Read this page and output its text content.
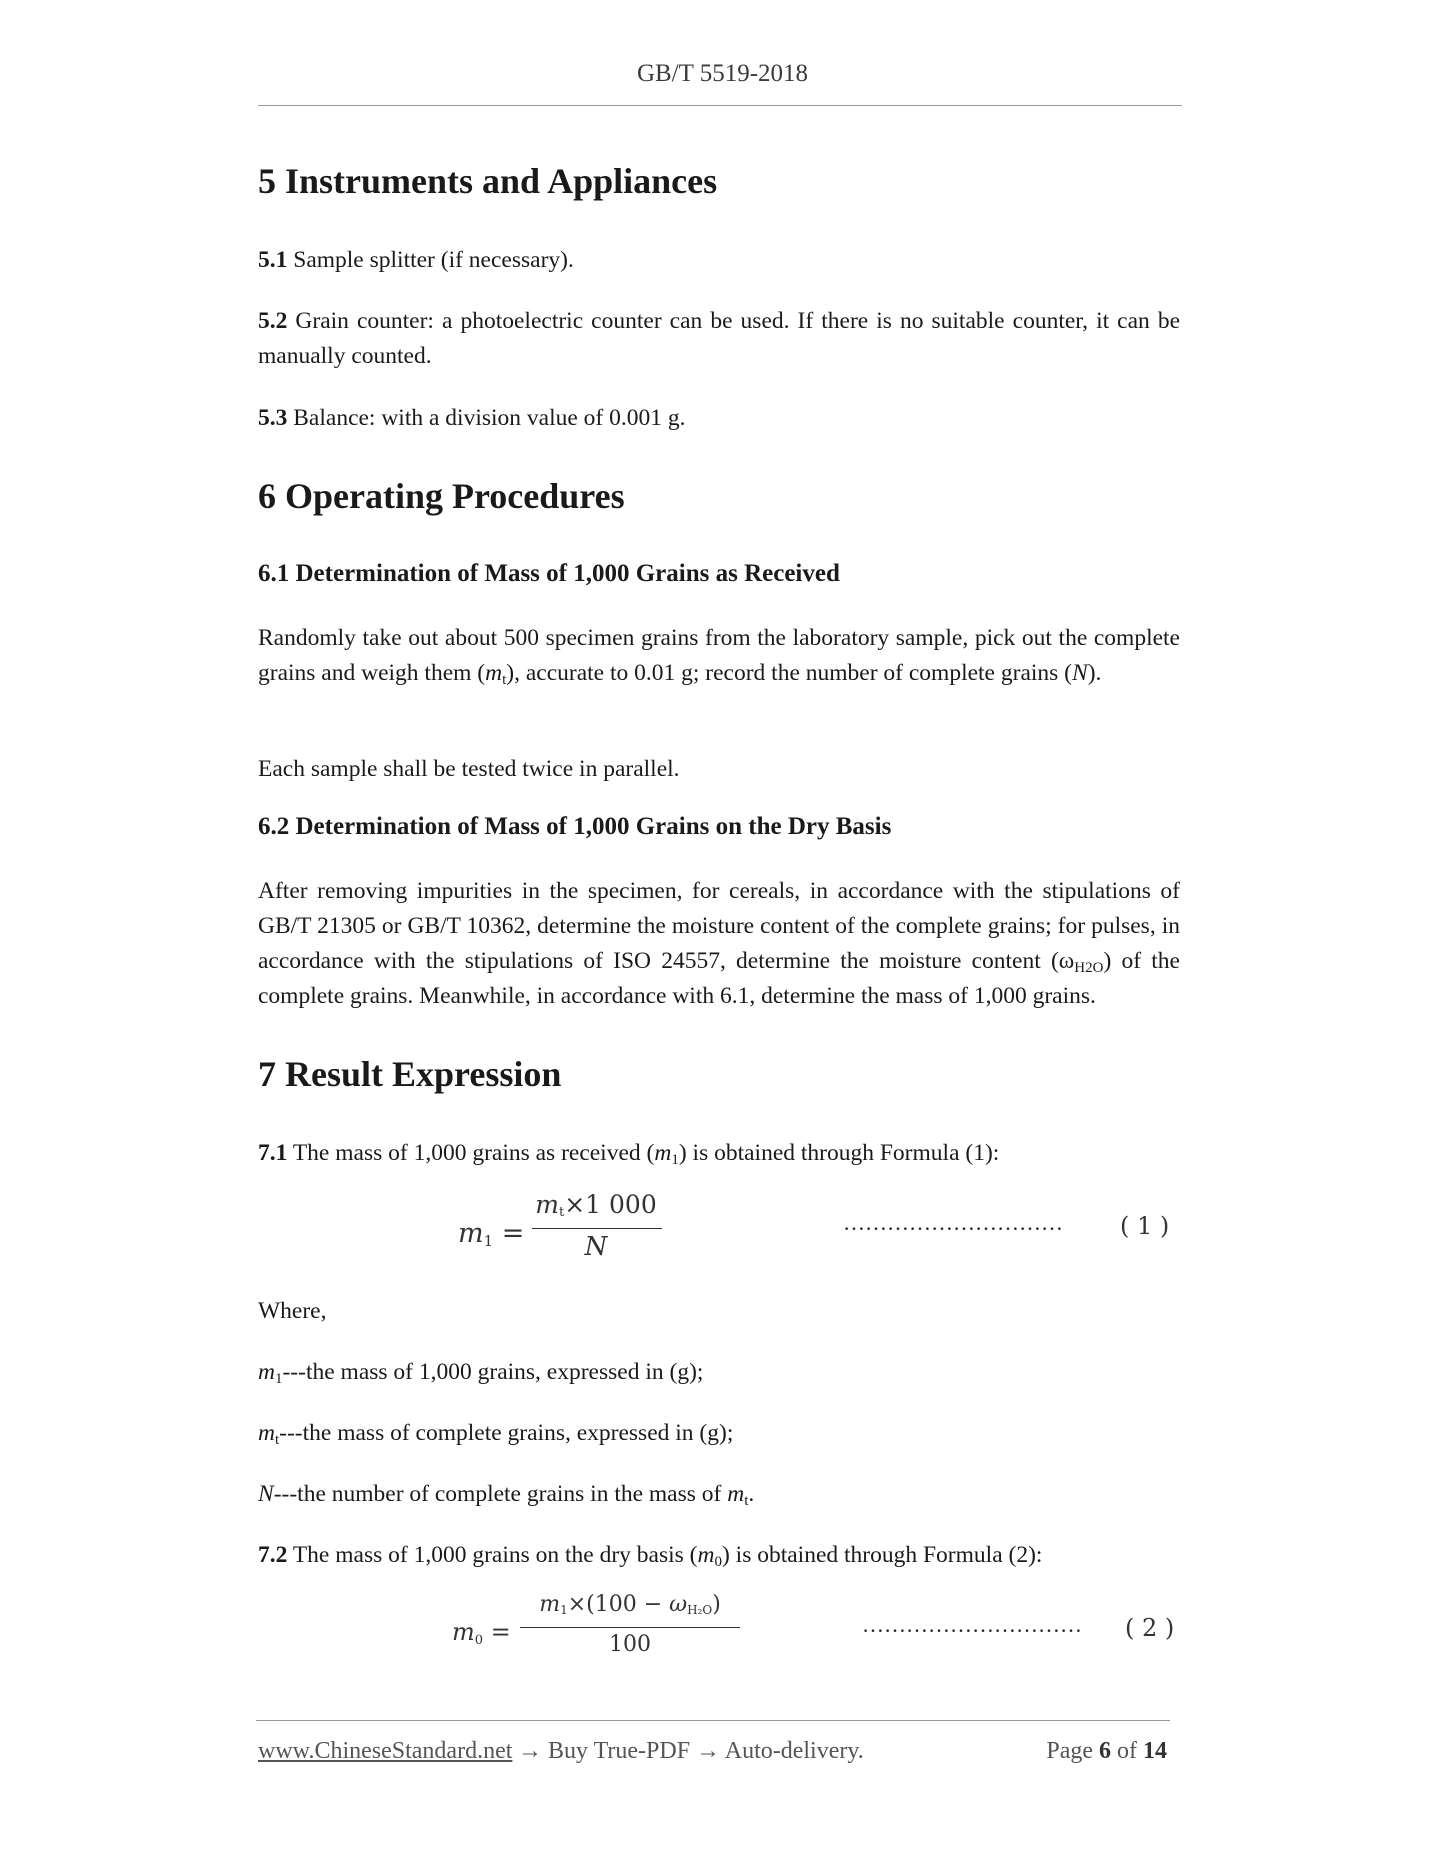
GB/T 5519-2018
5 Instruments and Appliances
5.1 Sample splitter (if necessary).
5.2 Grain counter: a photoelectric counter can be used. If there is no suitable counter, it can be manually counted.
5.3 Balance: with a division value of 0.001 g.
6 Operating Procedures
6.1 Determination of Mass of 1,000 Grains as Received
Randomly take out about 500 specimen grains from the laboratory sample, pick out the complete grains and weigh them $(m_t)$, accurate to 0.01 g; record the number of complete grains (N).
Each sample shall be tested twice in parallel.
6.2 Determination of Mass of 1,000 Grains on the Dry Basis
After removing impurities in the specimen, for cereals, in accordance with the stipulations of GB/T 21305 or GB/T 10362, determine the moisture content of the complete grains; for pulses, in accordance with the stipulations of ISO 24557, determine the moisture content $(\omega_{H2O})$ of the complete grains. Meanwhile, in accordance with 6.1, determine the mass of 1,000 grains.
7 Result Expression
7.1 The mass of 1,000 grains as received $(m_1)$ is obtained through Formula (1):
$m_1$ =
$m_t\times 1$ 000
N
………………………… ( 1 )
Where,
$m_1--$-the mass of 1,000 grains, expressed in (g);
$m_t--$-the mass of complete grains, expressed in (g);
N---the number of complete grains in the mass of $m_t$.
7.2 The mass of 1,000 grains on the dry basis $(m_0)$ is obtained through Formula (2):
$m_0$ =
$m_1\times(100 - \omega_{H_2O})$
100
………………………… ( 2 )
www.ChineseStandard.net → Buy True-PDF → Auto-delivery.	Page 6 of 14
